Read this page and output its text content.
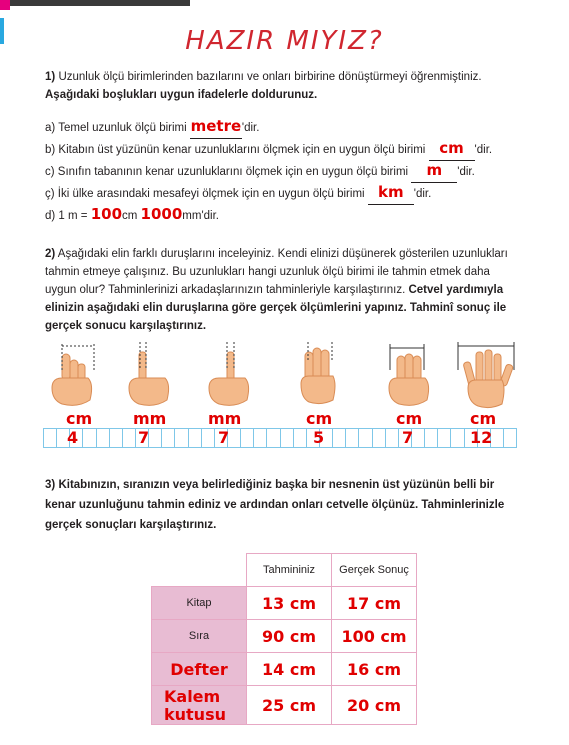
HAZIR MIYIZ?
1) Uzunluk ölçü birimlerinden bazılarını ve onları birbirine dönüştürmeyi öğrenmiştiniz.
Aşağıdaki boşlukları uygun ifadelerle doldurunuz.
a) Temel uzunluk ölçü birimi metre'dir.
b) Kitabın üst yüzünün kenar uzunluklarını ölçmek için en uygun ölçü birimi cm 'dir.
c) Sınıfın tabanının kenar uzunluklarını ölçmek için en uygun ölçü birimi m 'dir.
ç) İki ülke arasındaki mesafeyi ölçmek için en uygun ölçü birimi km 'dir.
d) 1 m = 100cm 1000mm'dir.
2) Aşağıdaki elin farklı duruşlarını inceleyiniz. Kendi elinizi düşünerek gösterilen uzunlukları
tahmin etmeye çalışınız. Bu uzunlukları hangi uzunluk ölçü birimi ile tahmin etmek daha
uygun olur? Tahminlerinizi arkadaşlarınızın tahminleriyle karşılaştırınız. Cetvel yardımıyla
elinizin aşağıdaki elin duruşlarına göre gerçek ölçümlerini yapınız. Tahminî sonuç ile
gerçek sonucu karşılaştırınız.
cm	mm	mm	cm	cm	cm
4	7	7	5	7	12
3) Kitabınızın, sıranızın veya belirlediğiniz başka bir nesnenin üst yüzünün belli bir
kenar uzunluğunu tahmin ediniz ve ardından onları cetvelle ölçünüz. Tahminlerinizle
gerçek sonuçları karşılaştırınız.
	Tahmininiz	Gerçek Sonuç
Kitap	13 cm	17 cm
Sıra	90 cm	100 cm
Defter	14 cm	16 cm
Kalem kutusu	25 cm	20 cm
